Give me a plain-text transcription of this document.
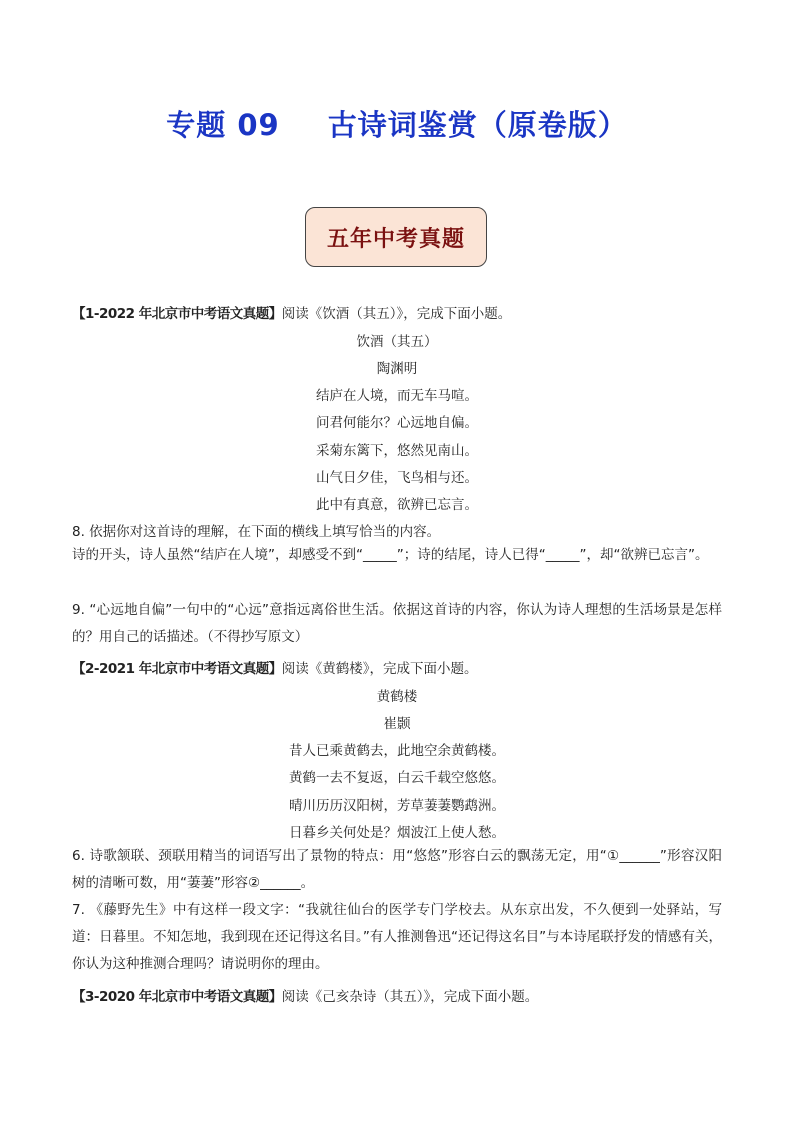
专题 09 古诗词鉴赏（原卷版）
五年中考真题
【1-2022 年北京市中考语文真题】阅读《饮酒（其五）》，完成下面小题。
饮酒（其五）
陶渊明
结庐在人境，而无车马喧。
问君何能尔？心远地自偏。
采菊东篱下，悠然见南山。
山气日夕佳，飞鸟相与还。
此中有真意，欲辨已忘言。
8. 依据你对这首诗的理解，在下面的横线上填写恰当的内容。
诗的开头，诗人虽然“结庐在人境”，却感受不到“_____”；诗的结尾，诗人已得“_____”，却“欲辨已忘言”。
9. “心远地自偏”一句中的“心远”意指远离俗世生活。依据这首诗的内容，你认为诗人理想的生活场景是怎样的？用自己的话描述。（不得抄写原文）
【2-2021 年北京市中考语文真题】阅读《黄鹤楼》，完成下面小题。
黄鹤楼
崔颢
昔人已乘黄鹤去，此地空余黄鹤楼。
黄鹤一去不复返，白云千载空悠悠。
晴川历历汉阳树，芳草萋萋鹦鹉洲。
日暮乡关何处是？烟波江上使人愁。
6. 诗歌颔联、颈联用精当的词语写出了景物的特点：用“悠悠”形容白云的飘荡无定，用“①______”形容汉阳树的清晰可数，用“萋萋”形容②______。
7. 《藤野先生》中有这样一段文字：“我就往仙台的医学专门学校去。从东京出发，不久便到一处驿站，写道：日暮里。不知怎地，我到现在还记得这名目。”有人推测鲁迅“还记得这名目”与本诗尾联抒发的情感有关，你认为这种推测合理吗？请说明你的理由。
【3-2020 年北京市中考语文真题】阅读《己亥杂诗（其五）》，完成下面小题。
